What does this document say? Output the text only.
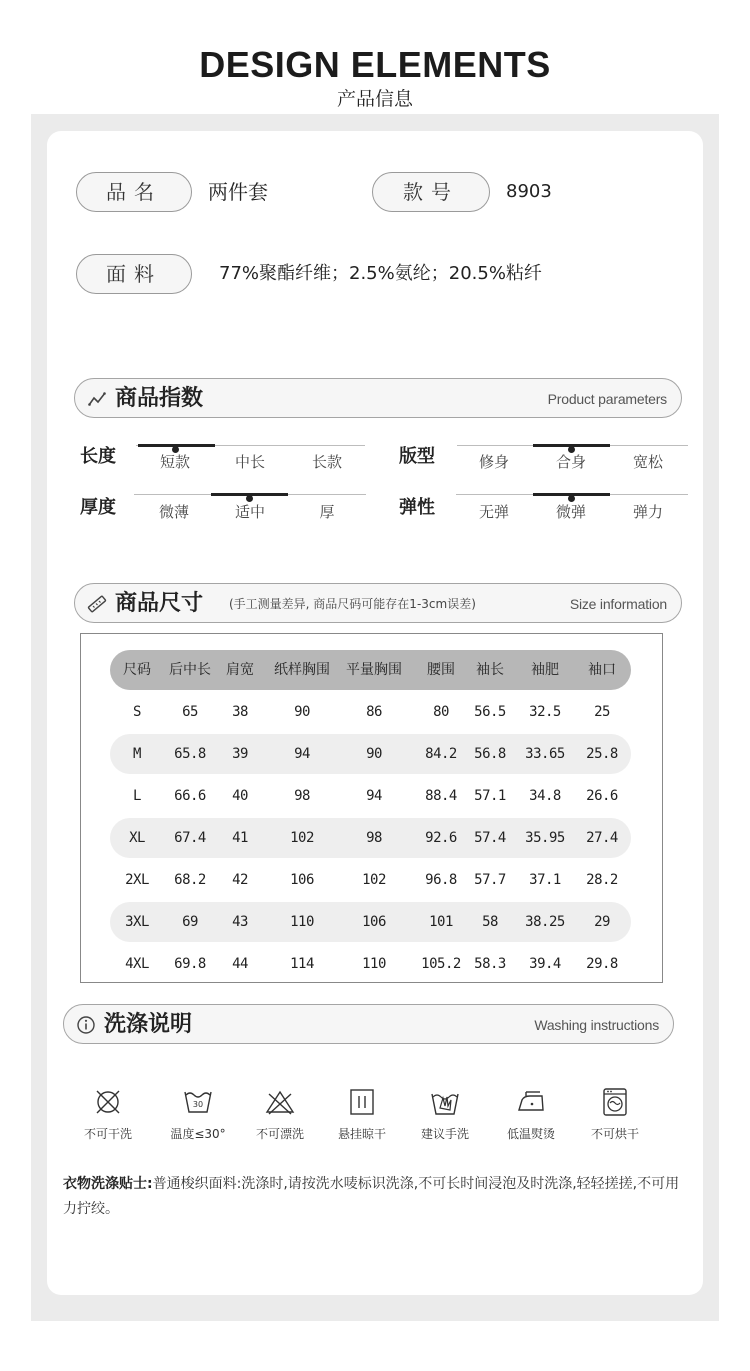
DESIGN ELEMENTS
产品信息
品名	两件套	款号	8903
面料	77%聚酯纤维；2.5%氨纶；20.5%粘纤
商品指数	Product parameters
长度	短款	中长	长款	版型	修身	合身	宽松
厚度	微薄	适中	厚	弹性	无弹	微弹	弹力
商品尺寸 (手工测量差异, 商品尺码可能存在1-3cm误差)	Size information
尺码 后中长 肩宽 纸样胸围 平量胸围 腰围 袖长 袖肥 袖口
S	65 38	90	86	80 56.5 32.5 25
M 65.8 39	94	90	84.2 56.8 33.65 25.8
L 66.6 40	98	94	88.4 57.1 34.8 26.6
XL 67.4 41	102	98	92.6 57.4 35.95 27.4
2XL 68.2 42	106	102	96.8 57.7 37.1 28.2
3XL 69 43	110	106	101 58 38.25 29
4XL 69.8 44	114	110	105.2 58.3 39.4 29.8
洗涤说明	Washing instructions
不可干洗
30
温度≤30°	不可漂洗	悬挂晾干	建议手洗	低温熨烫	不可烘干
衣物洗涤贴士:普通梭织面料:洗涤时,请按洗水唛标识洗涤,不可长时间浸泡及时洗涤,轻轻搓搓,不可用力拧绞。
